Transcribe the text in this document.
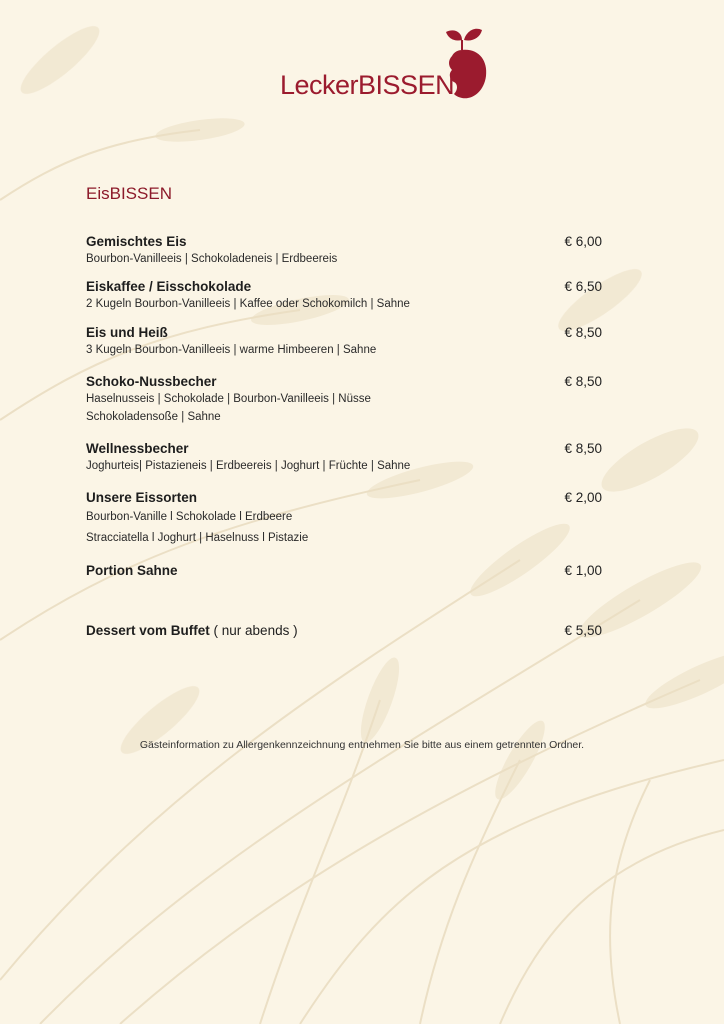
LeckerBISSEN
EisBISSEN
Gemischtes Eis	€ 6,00
Bourbon-Vanilleeis | Schokoladeneis | Erdbeereis
Eiskaffee / Eisschokolade	€ 6,50
2 Kugeln Bourbon-Vanilleeis | Kaffee oder Schokomilch | Sahne
Eis und Heiß	€ 8,50
3 Kugeln Bourbon-Vanilleeis | warme Himbeeren | Sahne
Schoko-Nussbecher	€ 8,50
Haselnusseis | Schokolade | Bourbon-Vanilleeis | Nüsse
Schokoladensoße | Sahne
Wellnessbecher	€ 8,50
Joghurteis| Pistazieneis | Erdbeereis | Joghurt | Früchte | Sahne
Unsere Eissorten	€ 2,00
Bourbon-Vanille l Schokolade l Erdbeere
Stracciatella l Joghurt | Haselnuss l Pistazie
Portion Sahne	€ 1,00
Dessert vom Buffet ( nur abends )	€ 5,50
Gästeinformation zu Allergenkennzeichnung entnehmen Sie bitte aus einem getrennten Ordner.
